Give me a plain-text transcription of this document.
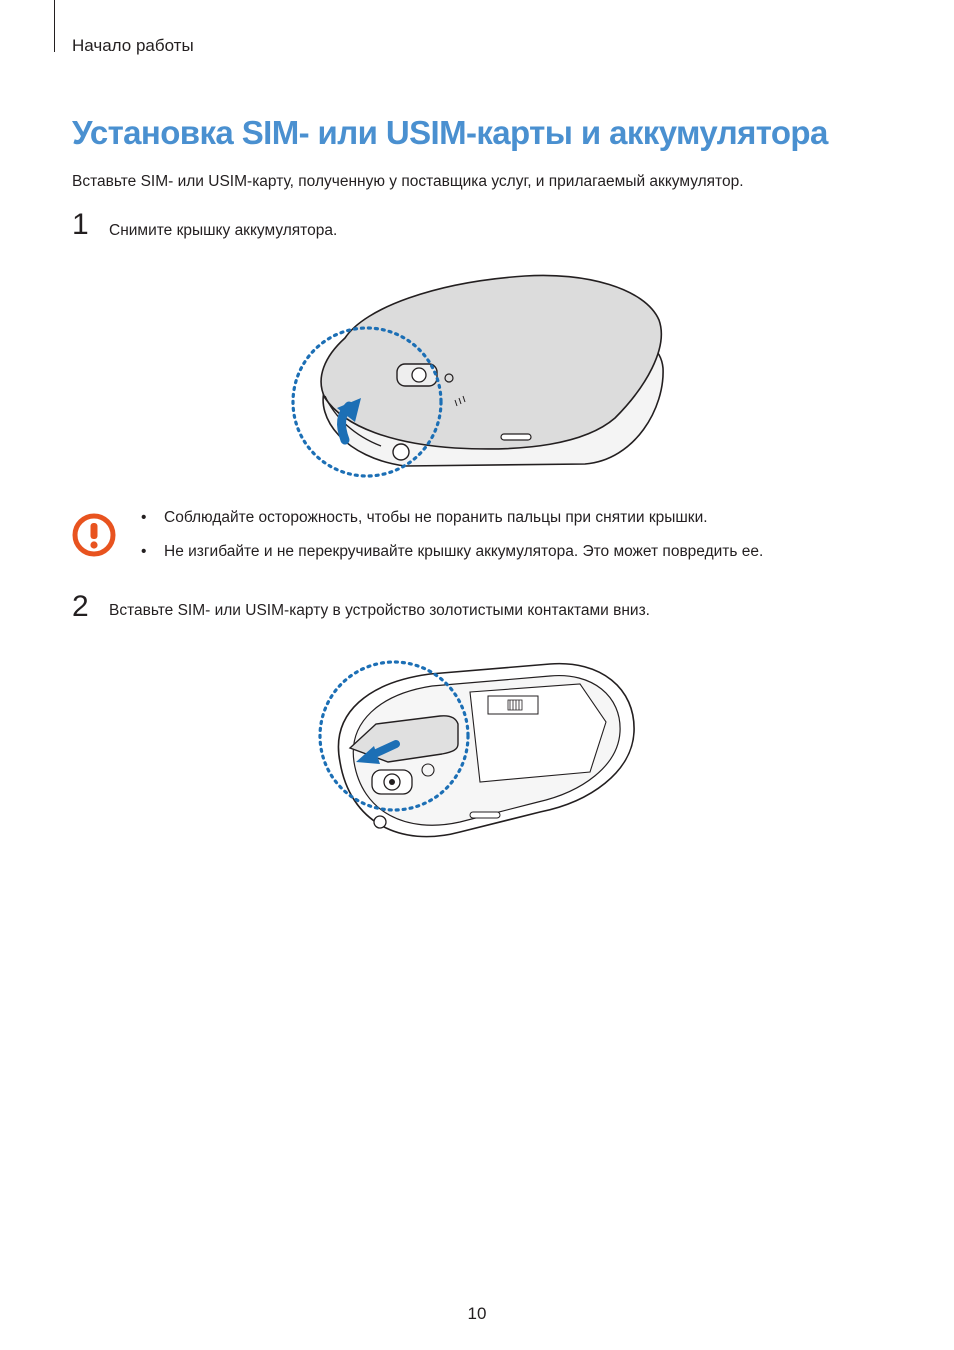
Начало работы
Установка SIM- или USIM-карты и аккумулятора
Вставьте SIM- или USIM-карту, полученную у поставщика услуг, и прилагаемый аккумулятор.
1 Снимите крышку аккумулятора.
• Соблюдайте осторожность, чтобы не поранить пальцы при снятии крышки.
• Не изгибайте и не перекручивайте крышку аккумулятора. Это может повредить ее.
2 Вставьте SIM- или USIM-карту в устройство золотистыми контактами вниз.
10
